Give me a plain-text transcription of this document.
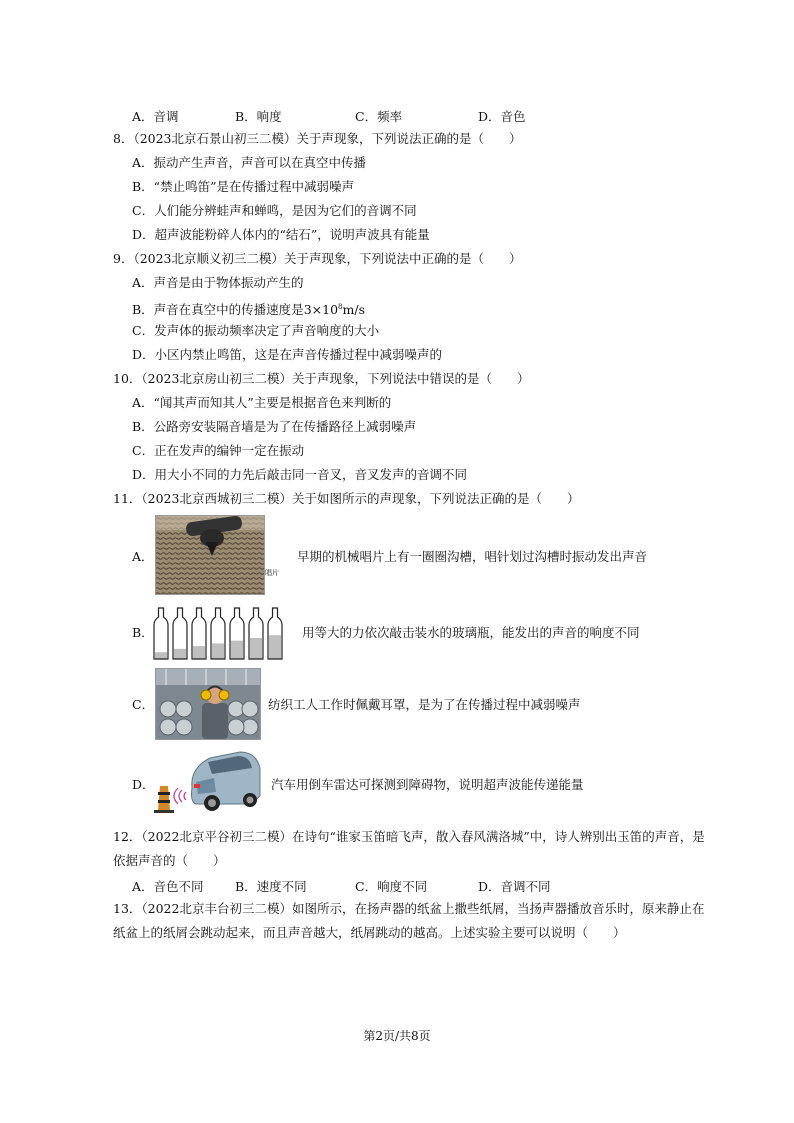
A．音调	B．响度	C．频率	D．音色
8．（2023北京石景山初三二模）关于声现象，下列说法正确的是（　　）
A．振动产生声音，声音可以在真空中传播
B．“禁止鸣笛”是在传播过程中减弱噪声
C．人们能分辨蛙声和蝉鸣，是因为它们的音调不同
D．超声波能粉碎人体内的“结石”，说明声波具有能量
9．（2023北京顺义初三二模）关于声现象，下列说法中正确的是（　　）
A．声音是由于物体振动产生的
B．声音在真空中的传播速度是$3\times 10^8m/s$
C．发声体的振动频率决定了声音响度的大小
D．小区内禁止鸣笛，这是在声音传播过程中减弱噪声的
10．（2023北京房山初三二模）关于声现象，下列说法中错误的是（　　）
A．“闻其声而知其人”主要是根据音色来判断的
B．公路旁安装隔音墙是为了在传播路径上减弱噪声
C．正在发声的编钟一定在振动
D．用大小不同的力先后敲击同一音叉，音叉发声的音调不同
11．（2023北京西城初三二模）关于如图所示的声现象，下列说法正确的是（　　）
A．
唱片
早期的机械唱片上有一圈圈沟槽，唱针划过沟槽时振动发出声音
B．	用等大的力依次敲击装水的玻璃瓶，能发出的声音的响度不同
C．	纺织工人工作时佩戴耳罩，是为了在传播过程中减弱噪声
D．	汽车用倒车雷达可探测到障碍物，说明超声波能传递能量
12．（2022北京平谷初三二模）在诗句“谁家玉笛暗飞声，散入春风满洛城”中，诗人辨别出玉笛的声音，是
依据声音的（　　）
A．音色不同	B．速度不同	C．响度不同	D．音调不同
13．（2022北京丰台初三二模）如图所示，在扬声器的纸盆上撒些纸屑，当扬声器播放音乐时，原来静止在
纸盆上的纸屑会跳动起来，而且声音越大，纸屑跳动的越高。上述实验主要可以说明（　　）
第2页/共8页
